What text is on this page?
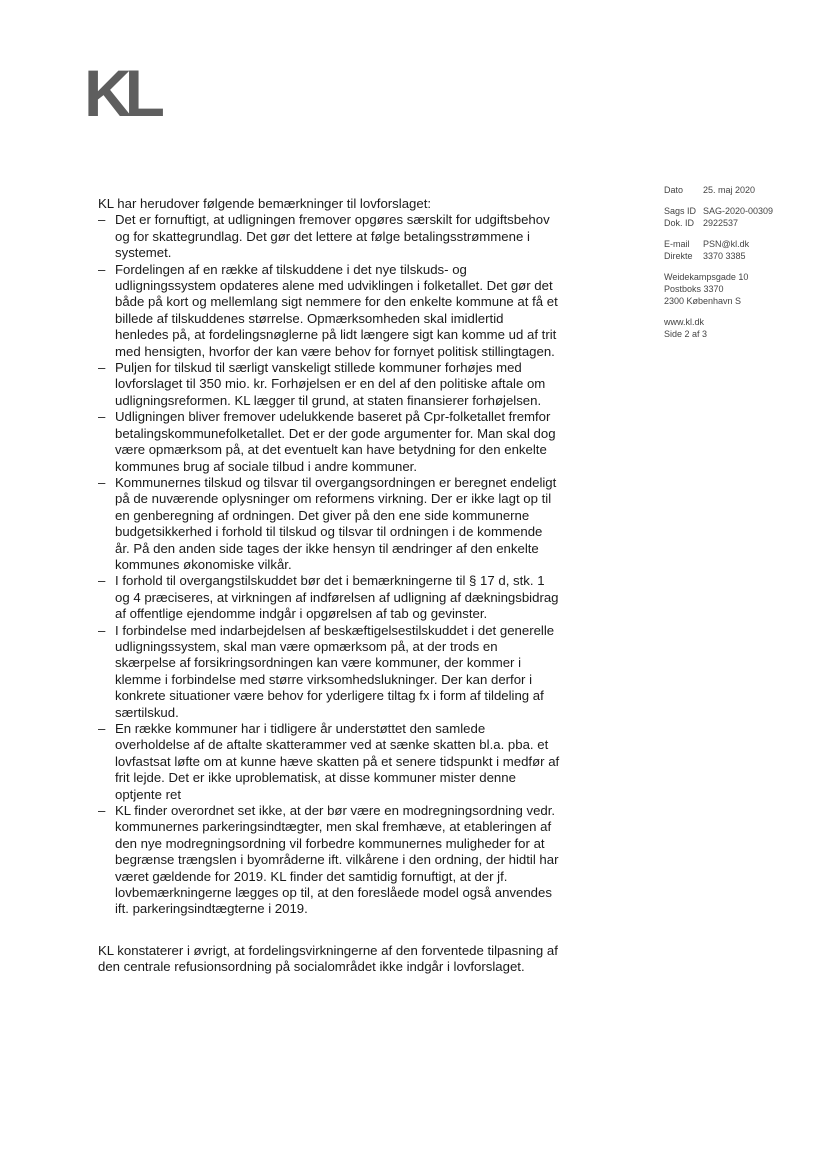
KL
Dato 25. maj 2020
Sags ID SAG-2020-00309
Dok. ID 2922537
E-mail PSN@kl.dk
Direkte 3370 3385
Weidekampsgade 10
Postboks 3370
2300 København S
www.kl.dk
Side 2 af 3

KL har herudover følgende bemærkninger til lovforslaget:

– Det er fornuftigt, at udligningen fremover opgøres særskilt for udgiftsbehov og for skattegrundlag. Det gør det lettere at følge betalingsstrømmene i systemet.
– Fordelingen af en række af tilskuddene i det nye tilskuds- og udligningssystem opdateres alene med udviklingen i folketallet. Det gør det både på kort og mellemlang sigt nemmere for den enkelte kommune at få et billede af tilskuddenes størrelse. Opmærksomheden skal imidlertid henledes på, at fordelingsnøglerne på lidt længere sigt kan komme ud af trit med hensigten, hvorfor der kan være behov for fornyet politisk stillingtagen.
– Puljen for tilskud til særligt vanskeligt stillede kommuner forhøjes med lovforslaget til 350 mio. kr. Forhøjelsen er en del af den politiske aftale om udligningsreformen. KL lægger til grund, at staten finansierer forhøjelsen.
– Udligningen bliver fremover udelukkende baseret på Cpr-folketallet fremfor betalingskommunefolketallet. Det er der gode argumenter for. Man skal dog være opmærksom på, at det eventuelt kan have betydning for den enkelte kommunes brug af sociale tilbud i andre kommuner.
– Kommunernes tilskud og tilsvar til overgangsordningen er beregnet endeligt på de nuværende oplysninger om reformens virkning. Der er ikke lagt op til en genberegning af ordningen. Det giver på den ene side kommunerne budgetsikkerhed i forhold til tilskud og tilsvar til ordningen i de kommende år. På den anden side tages der ikke hensyn til ændringer af den enkelte kommunes økonomiske vilkår.
– I forhold til overgangstilskuddet bør det i bemærkningerne til § 17 d, stk. 1 og 4 præciseres, at virkningen af indførelsen af udligning af dækningsbidrag af offentlige ejendomme indgår i opgørelsen af tab og gevinster.
– I forbindelse med indarbejdelsen af beskæftigelsestilskuddet i det generelle udligningssystem, skal man være opmærksom på, at der trods en skærpelse af forsikringsordningen kan være kommuner, der kommer i klemme i forbindelse med større virksomhedslukninger. Der kan derfor i konkrete situationer være behov for yderligere tiltag fx i form af tildeling af særtilskud.
– En række kommuner har i tidligere år understøttet den samlede overholdelse af de aftalte skatterammer ved at sænke skatten bl.a. pba. et lovfastsat løfte om at kunne hæve skatten på et senere tidspunkt i medfør af frit lejde. Det er ikke uproblematisk, at disse kommuner mister denne optjente ret
– KL finder overordnet set ikke, at der bør være en modregningsordning vedr. kommunernes parkeringsindtægter, men skal fremhæve, at etableringen af den nye modregningsordning vil forbedre kommunernes muligheder for at begrænse trængslen i byområderne ift. vilkårene i den ordning, der hidtil har været gældende for 2019. KL finder det samtidig fornuftigt, at der jf. lovbemærkningerne lægges op til, at den foreslåede model også anvendes ift. parkeringsindtægterne i 2019.

KL konstaterer i øvrigt, at fordelingsvirkningerne af den forventede tilpasning af den centrale refusionsordning på socialområdet ikke indgår i lovforslaget.
